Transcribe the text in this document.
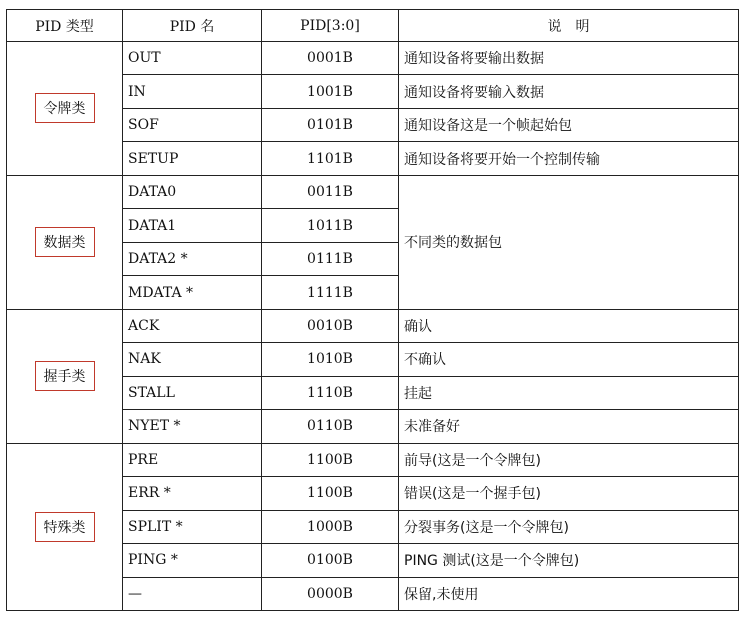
PID 类型	PID 名	PID[3:0]	说　明
令牌类	OUT	0001B	通知设备将要输出数据
	IN	1001B	通知设备将要输入数据
	SOF	0101B	通知设备这是一个帧起始包
	SETUP	1101B	通知设备将要开始一个控制传输
数据类	DATA0	0011B	不同类的数据包
	DATA1	1011B	
	DATA2 *	0111B	
	MDATA *	1111B	
握手类	ACK	0010B	确认
	NAK	1010B	不确认
	STALL	1110B	挂起
	NYET *	0110B	未准备好
特殊类	PRE	1100B	前导(这是一个令牌包)
	ERR *	1100B	错误(这是一个握手包)
	SPLIT *	1000B	分裂事务(这是一个令牌包)
	PING *	0100B	PING 测试(这是一个令牌包)
	—	0000B	保留,未使用
